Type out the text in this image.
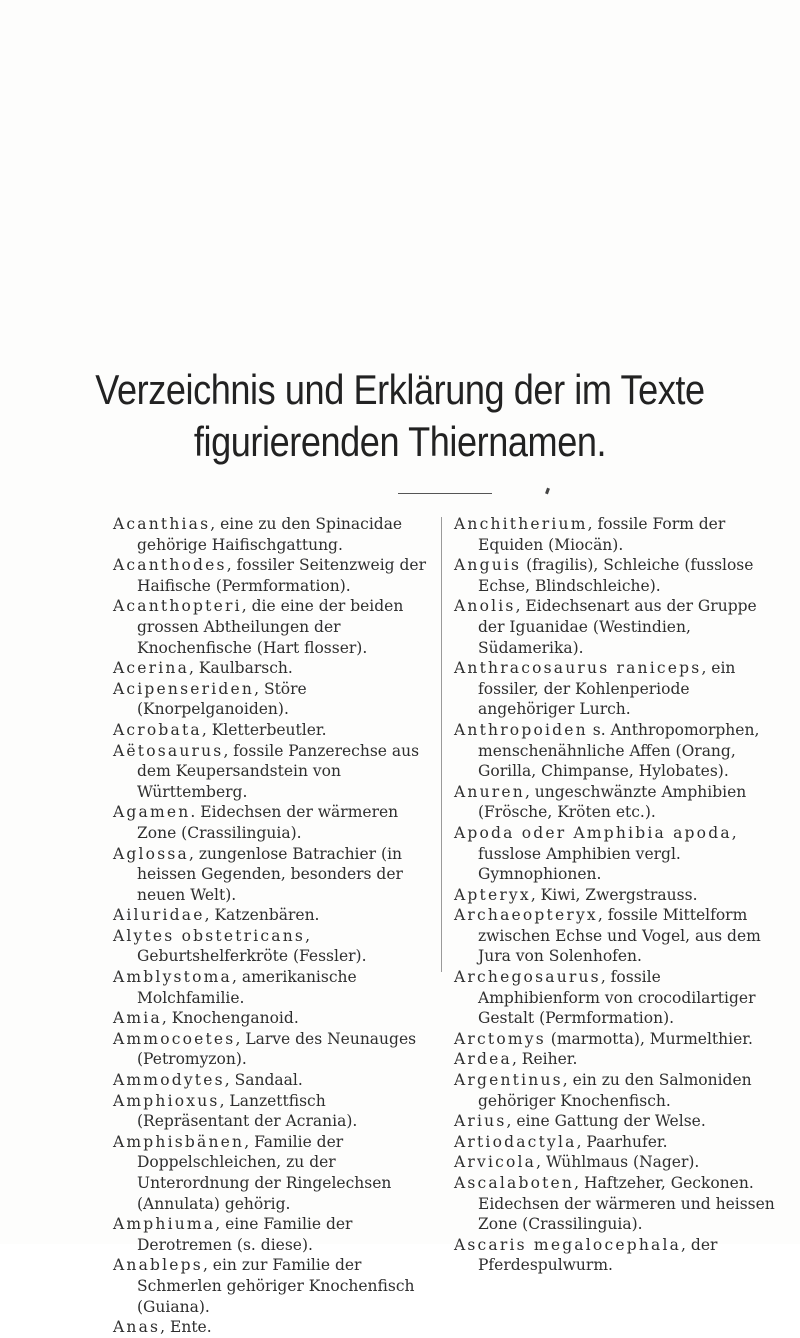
Verzeichnis und Erklärung der im Texte
figurierenden Thiernamen.

Acanthias, eine zu den Spinacidae gehörige Haifischgattung.

Acanthodes, fossiler Seitenzweig der Haifische (Permformation).

Acanthopteri, die eine der beiden grossen Abtheilungen der Knochenfische (Hart flosser).

Acerina, Kaulbarsch.

Acipenseriden, Störe (Knorpelganoiden).

Acrobata, Kletterbeutler.

Aëtosaurus, fossile Panzerechse aus dem Keupersandstein von Württemberg.

Agamen. Eidechsen der wärmeren Zone (Crassilinguia).

Aglossa, zungenlose Batrachier (in heissen Gegenden, besonders der neuen Welt).

Ailuridae, Katzenbären.

Alytes obstetricans, Geburtshelferkröte (Fessler).

Amblystoma, amerikanische Molchfamilie.

Amia, Knochenganoid.

Ammocoetes, Larve des Neunauges (Petromyzon).

Ammodytes, Sandaal.

Amphioxus, Lanzettfisch (Repräsentant der Acrania).

Amphisbänen, Familie der Doppelschleichen, zu der Unterordnung der Ringelechsen (Annulata) gehörig.

Amphiuma, eine Familie der Derotremen (s. diese).

Anableps, ein zur Familie der Schmerlen gehöriger Knochenfisch (Guiana).

Anas, Ente.

Anchitherium, fossile Form der Equiden (Miocän).

Anguis (fragilis), Schleiche (fusslose Echse, Blindschleiche).

Anolis, Eidechsenart aus der Gruppe der Iguanidae (Westindien, Südamerika).

Anthracosaurus raniceps, ein fossiler, der Kohlenperiode angehöriger Lurch.

Anthropoiden s. Anthropomorphen, menschenähnliche Affen (Orang, Gorilla, Chimpanse, Hylobates).

Anuren, ungeschwänzte Amphibien (Frösche, Kröten etc.).

Apoda oder Amphibia apoda, fusslose Amphibien vergl. Gymnophionen.

Apteryx, Kiwi, Zwergstrauss.

Archaeopteryx, fossile Mittelform zwischen Echse und Vogel, aus dem Jura von Solenhofen.

Archegosaurus, fossile Amphibienform von crocodilartiger Gestalt (Permformation).

Arctomys (marmotta), Murmelthier.

Ardea, Reiher.

Argentinus, ein zu den Salmoniden gehöriger Knochenfisch.

Arius, eine Gattung der Welse.

Artiodactyla, Paarhufer.

Arvicola, Wühlmaus (Nager).

Ascalaboten, Haftzeher, Geckonen. Eidechsen der wärmeren und heissen Zone (Crassilinguia).

Ascaris megalocephala, der Pferdespulwurm.
